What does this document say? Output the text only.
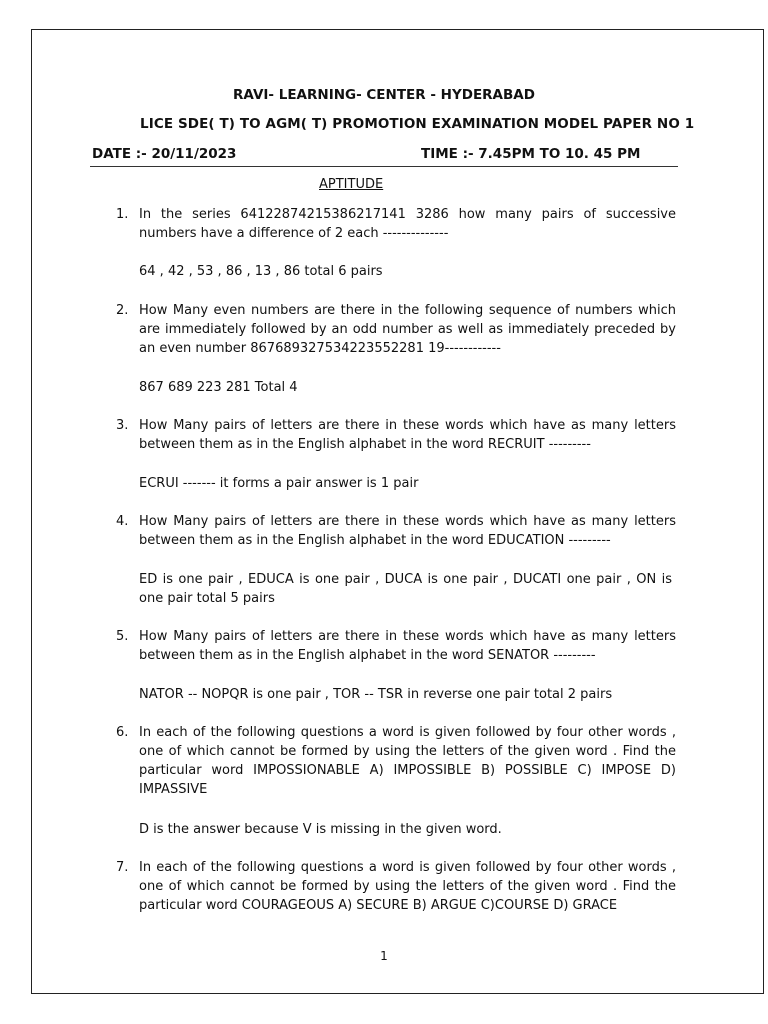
RAVI- LEARNING- CENTER - HYDERABAD
LICE SDE( T) TO AGM( T) PROMOTION EXAMINATION MODEL PAPER NO 1
DATE :- 20/11/2023	TIME :- 7.45PM TO 10. 45 PM
APTITUDE
1. In the series 64122874215386217141 3286 how many pairs of successive numbers have a difference of 2 each --------------
64 , 42 , 53 , 86 , 13 , 86 total 6 pairs
2. How Many even numbers are there in the following sequence of numbers which are immediately followed by an odd number as well as immediately preceded by an even number 867689327534223552281 19------------
867 689 223 281 Total 4
3. How Many pairs of letters are there in these words which have as many letters between them as in the English alphabet in the word RECRUIT ---------
ECRUI ------- it forms a pair answer is 1 pair
4. How Many pairs of letters are there in these words which have as many letters between them as in the English alphabet in the word EDUCATION ---------
ED is one pair , EDUCA is one pair , DUCA is one pair , DUCATI one pair , ON is one pair total 5 pairs
5. How Many pairs of letters are there in these words which have as many letters between them as in the English alphabet in the word SENATOR ---------
NATOR -- NOPQR is one pair , TOR -- TSR in reverse one pair total 2 pairs
6. In each of the following questions a word is given followed by four other words , one of which cannot be formed by using the letters of the given word . Find the particular word IMPOSSIONABLE A) IMPOSSIBLE B) POSSIBLE C) IMPOSE D) IMPASSIVE
D is the answer because V is missing in the given word.
7. In each of the following questions a word is given followed by four other words , one of which cannot be formed by using the letters of the given word . Find the particular word COURAGEOUS A) SECURE B) ARGUE C)COURSE D) GRACE
1
